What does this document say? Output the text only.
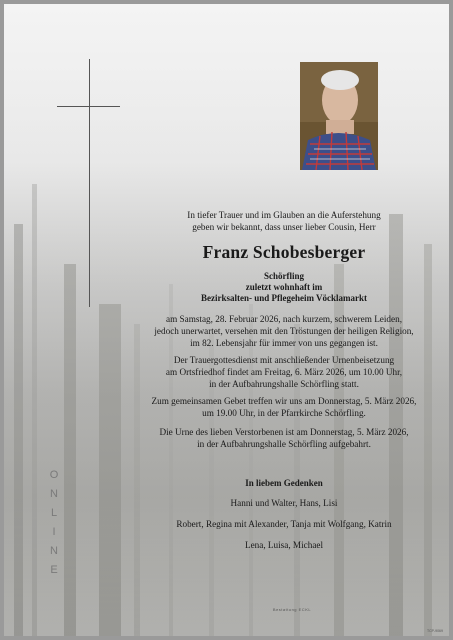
In tiefer Trauer und im Glauben an die Auferstehung
geben wir bekannt, dass unser lieber Cousin, Herr
Franz Schobesberger
Schörfling
zuletzt wohnhaft im
Bezirksalten- und Pflegeheim Vöcklamarkt
am Samstag, 28. Februar 2026, nach kurzem, schwerem Leiden,
jedoch unerwartet, versehen mit den Tröstungen der heiligen Religion,
im 82. Lebensjahr für immer von uns gegangen ist.
Der Trauergottesdienst mit anschließender Urnenbeisetzung
am Ortsfriedhof findet am Freitag, 6. März 2026, um 10.00 Uhr,
in der Aufbahrungshalle Schörfling statt.
Zum gemeinsamen Gebet treffen wir uns am Donnerstag, 5. März 2026,
um 19.00 Uhr, in der Pfarrkirche Schörfling.
Die Urne des lieben Verstorbenen ist am Donnerstag, 5. März 2026,
in der Aufbahrungshalle Schörfling aufgebahrt.
In liebem Gedenken
Hanni und Walter, Hans, Lisi
Robert, Regina mit Alexander, Tanja mit Wolfgang, Katrin
Lena, Luisa, Michael
O
N
L
I
N
E
Bestattung ECKL
TCP-9069
